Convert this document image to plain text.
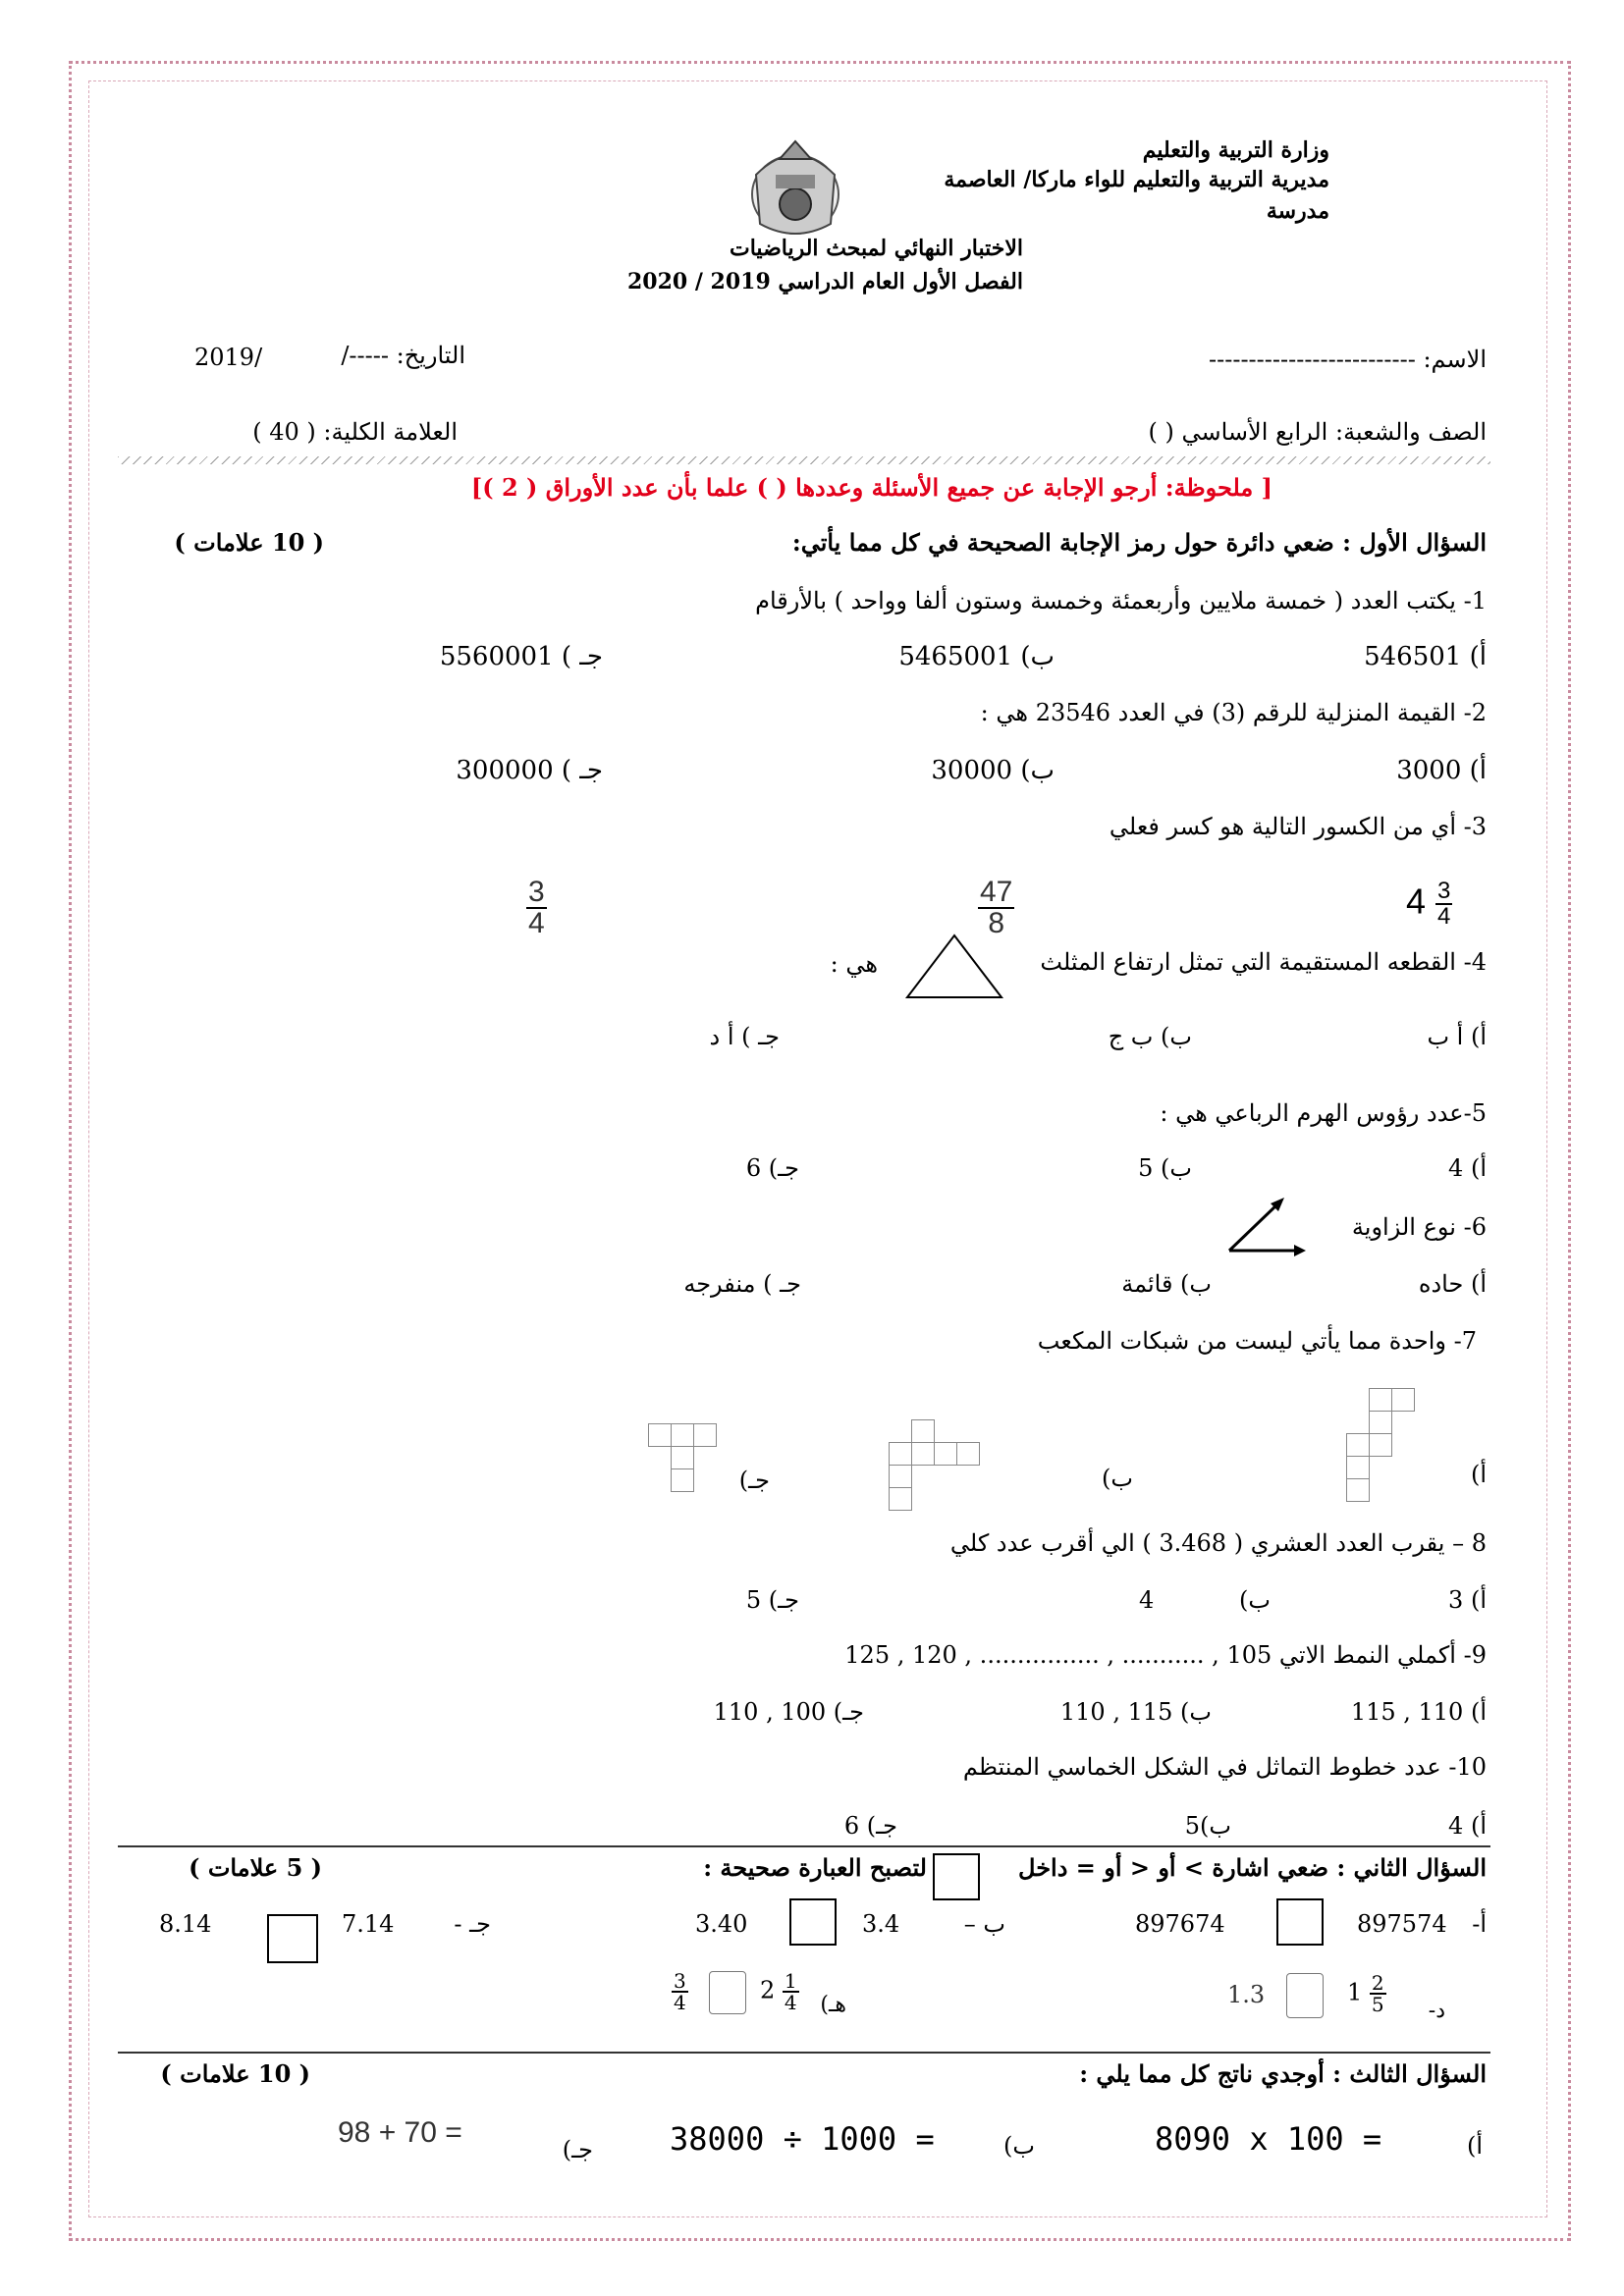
وزارة التربية والتعليم
مديرية التربية والتعليم للواء ماركا/ العاصمة
مدرسة
الاختبار النهائي لمبحث الرياضيات
الفصل الأول العام الدراسي 2019 / 2020
الاسم: --------------------------
التاريخ: -----/
2019/
الصف والشعبة: الرابع الأساسي ( )
العلامة الكلية: ( 40 )
[ ملحوظة: أرجو الإجابة عن جميع الأسئلة وعددها ( ) علما بأن عدد الأوراق ( 2 )]
السؤال الأول : ضعي دائرة حول رمز الإجابة الصحيحة في كل مما يأتي:
( 10 علامات )
1- يكتب العدد ( خمسة ملايين وأربعمئة وخمسة وستون ألفا وواحد ) بالأرقام
أ) 546501
ب) 5465001
جـ ) 5560001
2- القيمة المنزلية للرقم (3) في العدد 23546 هي :
أ) 3000
ب) 30000
جـ ) 300000
3- أي من الكسور التالية هو كسر فعلي
$4 \frac{3}{4}$
$\frac{47}{8}$
$\frac{3}{4}$
4- القطعه المستقيمة التي تمثل ارتفاع المثلث
هي :
أ) أ ب
ب) ب ج
جـ ) أ د
5-عدد رؤوس الهرم الرباعي هي :
أ) 4
ب) 5
جـ) 6
6- نوع الزاوية
أ) حاده
ب) قائمة
جـ ) منفرجه
7- واحدة مما يأتي ليست من شبكات المكعب
أ)
ب)
جـ)
8 – يقرب العدد العشري ( 3.468 ) الي أقرب عدد كلي
أ) 3
ب)
4
جـ) 5
9- أكملي النمط الاتي 105 , ........... , ................ , 120 , 125
أ) 110 , 115
ب) 115 , 110
جـ) 100 , 110
10- عدد خطوط التماثل في الشكل الخماسي المنتظم
أ) 4
ب)5
جـ) 6
السؤال الثاني : ضعي اشارة > أو < أو = داخل
لتصبح العبارة صحيحة :
( 5 علامات )
أ-
897574
897674
ب –
3.4
3.40
جـ -
7.14
8.14
د-
$1 \frac{2}{5}$
1.3
هـ)
$2 \frac{1}{4}$
$\frac{3}{4}$
السؤال الثالث : أوجدي ناتج كل مما يلي :
( 10 علامات )
أ)
8090 x 100 =
ب)
38000 ÷ 1000 =
جـ)
98 + 70 =
